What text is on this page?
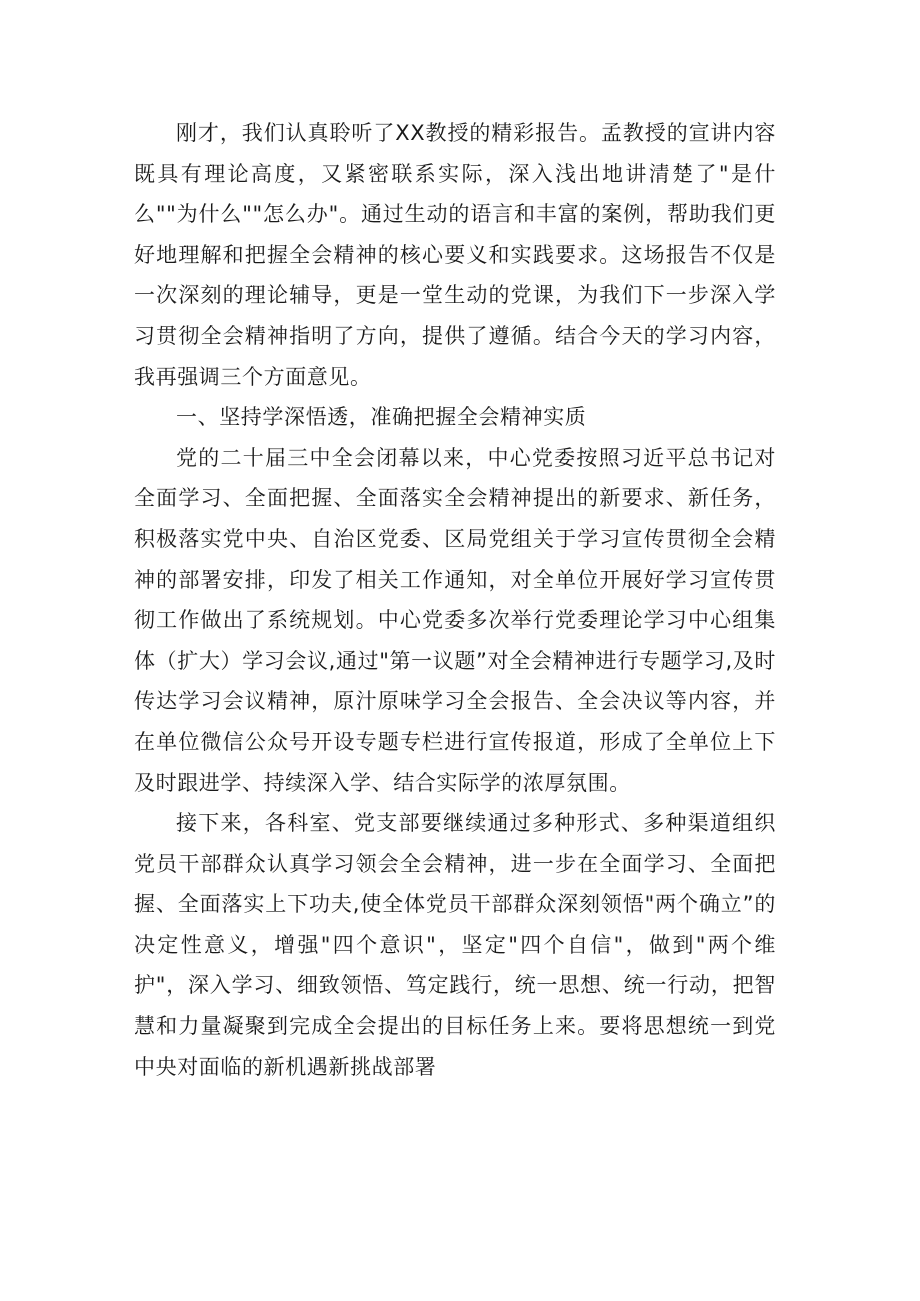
刚才，我们认真聆听了XX教授的精彩报告。孟教授的宣讲内容既具有理论高度，又紧密联系实际，深入浅出地讲清楚了"是什么""为什么""怎么办"。通过生动的语言和丰富的案例，帮助我们更好地理解和把握全会精神的核心要义和实践要求。这场报告不仅是一次深刻的理论辅导，更是一堂生动的党课，为我们下一步深入学习贯彻全会精神指明了方向，提供了遵循。结合今天的学习内容，我再强调三个方面意见。

一、坚持学深悟透，准确把握全会精神实质

党的二十届三中全会闭幕以来，中心党委按照习近平总书记对全面学习、全面把握、全面落实全会精神提出的新要求、新任务，积极落实党中央、自治区党委、区局党组关于学习宣传贯彻全会精神的部署安排，印发了相关工作通知，对全单位开展好学习宣传贯彻工作做出了系统规划。中心党委多次举行党委理论学习中心组集体（扩大）学习会议,通过"第一议题”对全会精神进行专题学习,及时传达学习会议精神，原汁原味学习全会报告、全会决议等内容，并在单位微信公众号开设专题专栏进行宣传报道，形成了全单位上下及时跟进学、持续深入学、结合实际学的浓厚氛围。

接下来，各科室、党支部要继续通过多种形式、多种渠道组织党员干部群众认真学习领会全会精神，进一步在全面学习、全面把握、全面落实上下功夫,使全体党员干部群众深刻领悟"两个确立”的决定性意义，增强"四个意识"，坚定"四个自信"，做到"两个维护"，深入学习、细致领悟、笃定践行，统一思想、统一行动，把智慧和力量凝聚到完成全会提出的目标任务上来。要将思想统一到党中央对面临的新机遇新挑战部署
